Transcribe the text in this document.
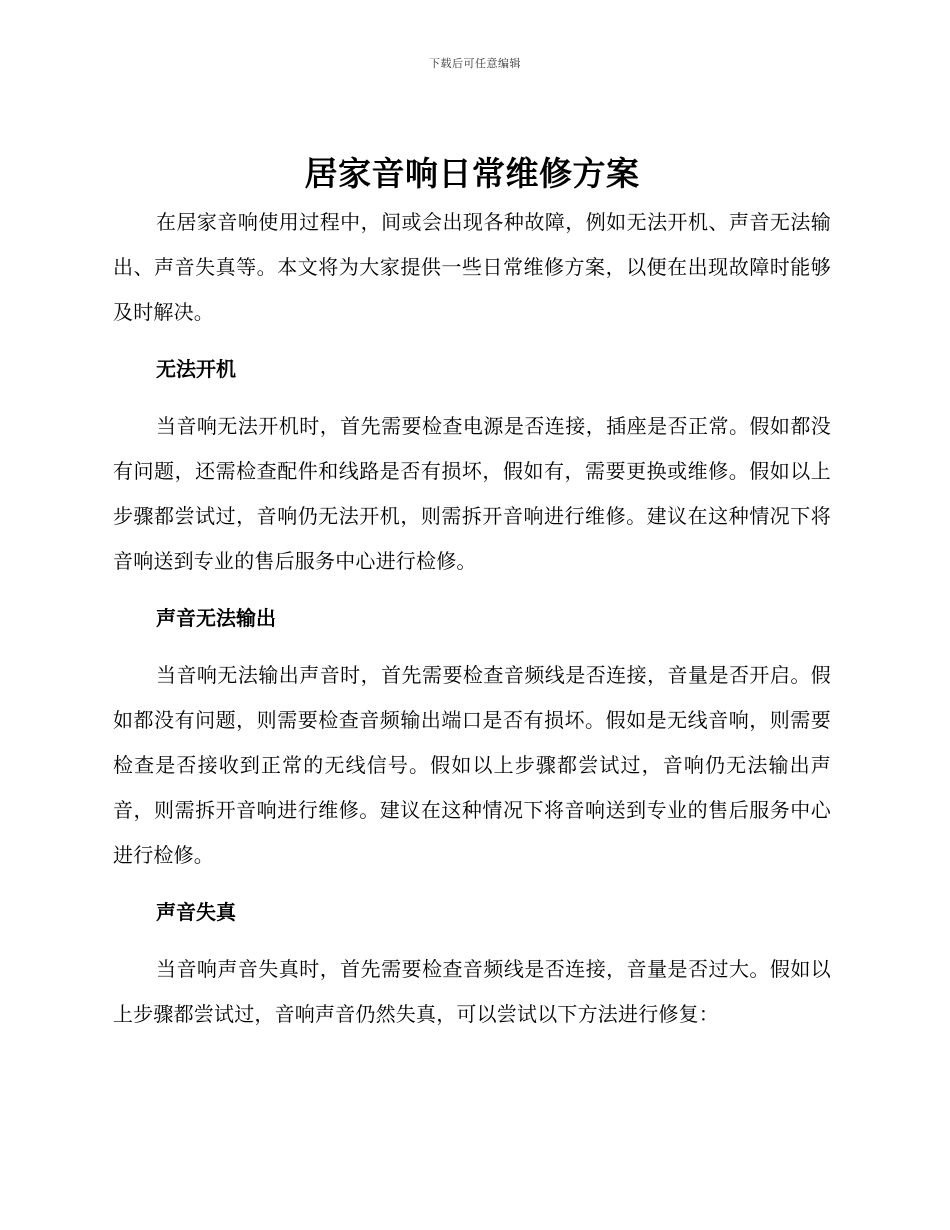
下载后可任意编辑
居家音响日常维修方案

在居家音响使用过程中，间或会出现各种故障，例如无法开机、声音无法输出、声音失真等。本文将为大家提供一些日常维修方案，以便在出现故障时能够及时解决。

无法开机

当音响无法开机时，首先需要检查电源是否连接，插座是否正常。假如都没有问题，还需检查配件和线路是否有损坏，假如有，需要更换或维修。假如以上步骤都尝试过，音响仍无法开机，则需拆开音响进行维修。建议在这种情况下将音响送到专业的售后服务中心进行检修。

声音无法输出

当音响无法输出声音时，首先需要检查音频线是否连接，音量是否开启。假如都没有问题，则需要检查音频输出端口是否有损坏。假如是无线音响，则需要检查是否接收到正常的无线信号。假如以上步骤都尝试过，音响仍无法输出声音，则需拆开音响进行维修。建议在这种情况下将音响送到专业的售后服务中心进行检修。

声音失真

当音响声音失真时，首先需要检查音频线是否连接，音量是否过大。假如以上步骤都尝试过，音响声音仍然失真，可以尝试以下方法进行修复：
